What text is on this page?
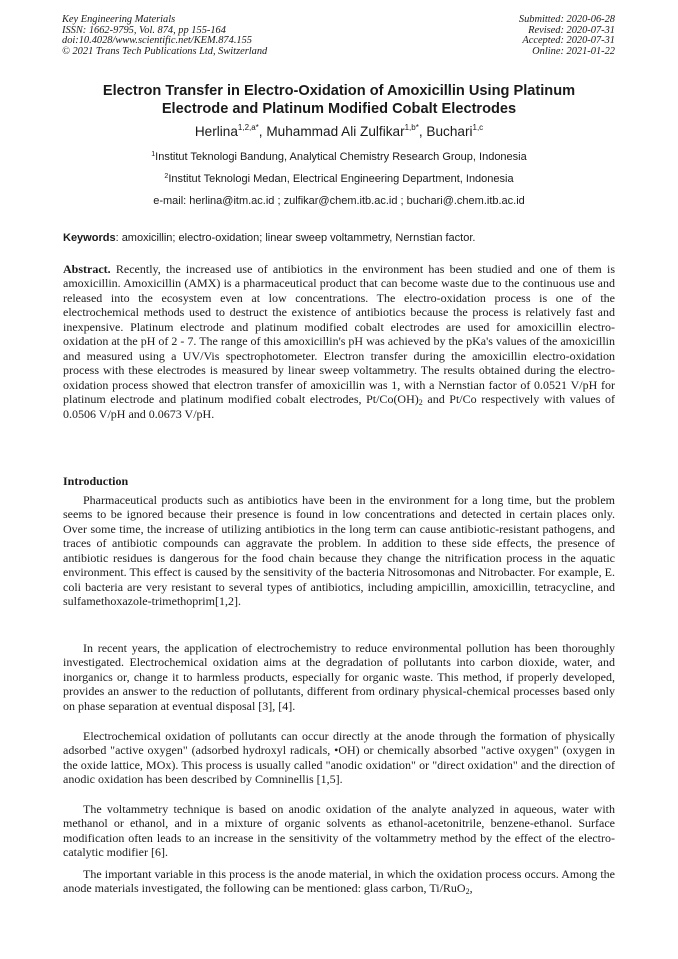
Key Engineering Materials
ISSN: 1662-9795, Vol. 874, pp 155-164
doi:10.4028/www.scientific.net/KEM.874.155
© 2021 Trans Tech Publications Ltd, Switzerland
Submitted: 2020-06-28
Revised: 2020-07-31
Accepted: 2020-07-31
Online: 2021-01-22
Electron Transfer in Electro-Oxidation of Amoxicillin Using Platinum
Electrode and Platinum Modified Cobalt Electrodes
Herlina$^{1,2,a*}$, Muhammad Ali Zulfikar$^{1,b*}$, Buchari$^{1,c}$
$^1$Institut Teknologi Bandung, Analytical Chemistry Research Group, Indonesia
$^2$Institut Teknologi Medan, Electrical Engineering Department, Indonesia
e-mail: herlina@itm.ac.id ; zulfikar@chem.itb.ac.id ; buchari@.chem.itb.ac.id
Keywords: amoxicillin; electro-oxidation; linear sweep voltammetry, Nernstian factor.
Abstract. Recently, the increased use of antibiotics in the environment has been studied and one of them is amoxicillin. Amoxicillin (AMX) is a pharmaceutical product that can become waste due to the continuous use and released into the ecosystem even at low concentrations. The electro-oxidation process is one of the electrochemical methods used to destruct the existence of antibiotics because the process is relatively fast and inexpensive. Platinum electrode and platinum modified cobalt electrodes are used for amoxicillin electro-oxidation at the pH of 2 - 7. The range of this amoxicillin's pH was achieved by the pKa's values of the amoxicillin and measured using a UV/Vis spectrophotometer. Electron transfer during the amoxicillin electro-oxidation process with these electrodes is measured by linear sweep voltammetry. The results obtained during the electro-oxidation process showed that electron transfer of amoxicillin was 1, with a Nernstian factor of 0.0521 V/pH for platinum electrode and platinum modified cobalt electrodes, $Pt/Co(OH)_2$ and Pt/Co respectively with values of 0.0506 V/pH and 0.0673 V/pH.
Introduction

Pharmaceutical products such as antibiotics have been in the environment for a long time, but the problem seems to be ignored because their presence is found in low concentrations and detected in certain places only. Over some time, the increase of utilizing antibiotics in the long term can cause antibiotic-resistant pathogens, and traces of antibiotic compounds can aggravate the problem. In addition to these side effects, the presence of antibiotic residues is dangerous for the food chain because they change the nitrification process in the aquatic environment. This effect is caused by the sensitivity of the bacteria Nitrosomonas and Nitrobacter. For example, E. coli bacteria are very resistant to several types of antibiotics, including ampicillin, amoxicillin, tetracycline, and sulfamethoxazole-trimethoprim[1,2].

In recent years, the application of electrochemistry to reduce environmental pollution has been thoroughly investigated. Electrochemical oxidation aims at the degradation of pollutants into carbon dioxide, water, and inorganics or, change it to harmless products, especially for organic waste. This method, if properly developed, provides an answer to the reduction of pollutants, different from ordinary physical-chemical processes based only on phase separation at eventual disposal [3], [4].

Electrochemical oxidation of pollutants can occur directly at the anode through the formation of physically adsorbed "active oxygen" (adsorbed hydroxyl radicals, •OH) or chemically absorbed "active oxygen" (oxygen in the oxide lattice, MOx). This process is usually called "anodic oxidation" or "direct oxidation" and the direction of anodic oxidation has been described by Comninellis [1,5].

The voltammetry technique is based on anodic oxidation of the analyte analyzed in aqueous, water with methanol or ethanol, and in a mixture of organic solvents as ethanol-acetonitrile, benzene-ethanol. Surface modification often leads to an increase in the sensitivity of the voltammetry method by the effect of the electro-catalytic modifier [6].

The important variable in this process is the anode material, in which the oxidation process occurs. Among the anode materials investigated, the following can be mentioned: glass carbon, Ti/RuO$_2$,
